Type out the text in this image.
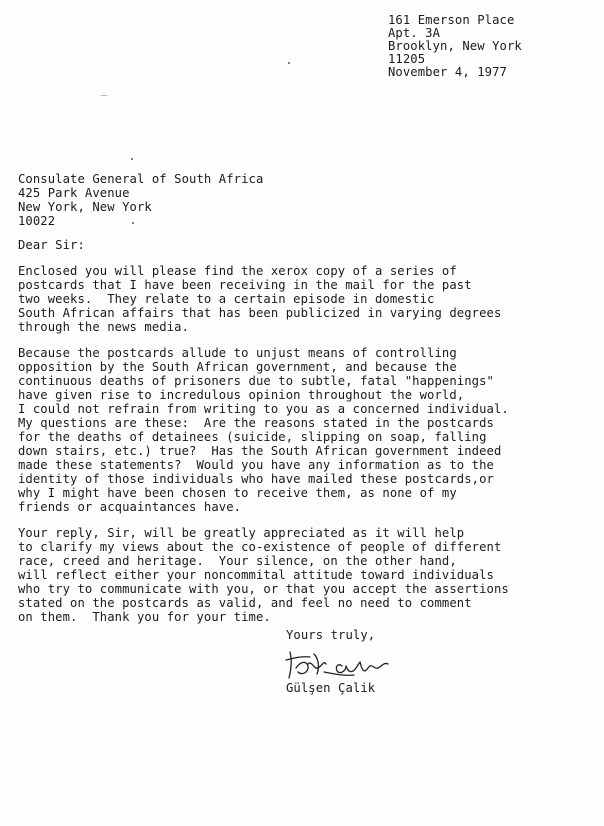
161 Emerson Place
Apt. 3A
Brooklyn, New York
11205
November 4, 1977
Consulate General of South Africa
425 Park Avenue
New York, New York
10022
Dear Sir:
Enclosed you will please find the xerox copy of a series of
postcards that I have been receiving in the mail for the past
two weeks.  They relate to a certain episode in domestic
South African affairs that has been publicized in varying degrees
through the news media.
Because the postcards allude to unjust means of controlling
opposition by the South African government, and because the
continuous deaths of prisoners due to subtle, fatal "happenings"
have given rise to incredulous opinion throughout the world,
I could not refrain from writing to you as a concerned individual.
My questions are these:  Are the reasons stated in the postcards
for the deaths of detainees (suicide, slipping on soap, falling
down stairs, etc.) true?  Has the South African government indeed
made these statements?  Would you have any information as to the
identity of those individuals who have mailed these postcards,or
why I might have been chosen to receive them, as none of my
friends or acquaintances have.
Your reply, Sir, will be greatly appreciated as it will help
to clarify my views about the co-existence of people of different
race, creed and heritage.  Your silence, on the other hand,
will reflect either your noncommital attitude toward individuals
who try to communicate with you, or that you accept the assertions
stated on the postcards as valid, and feel no need to comment
on them.  Thank you for your time.
Yours truly,
Gülşen Çalik
